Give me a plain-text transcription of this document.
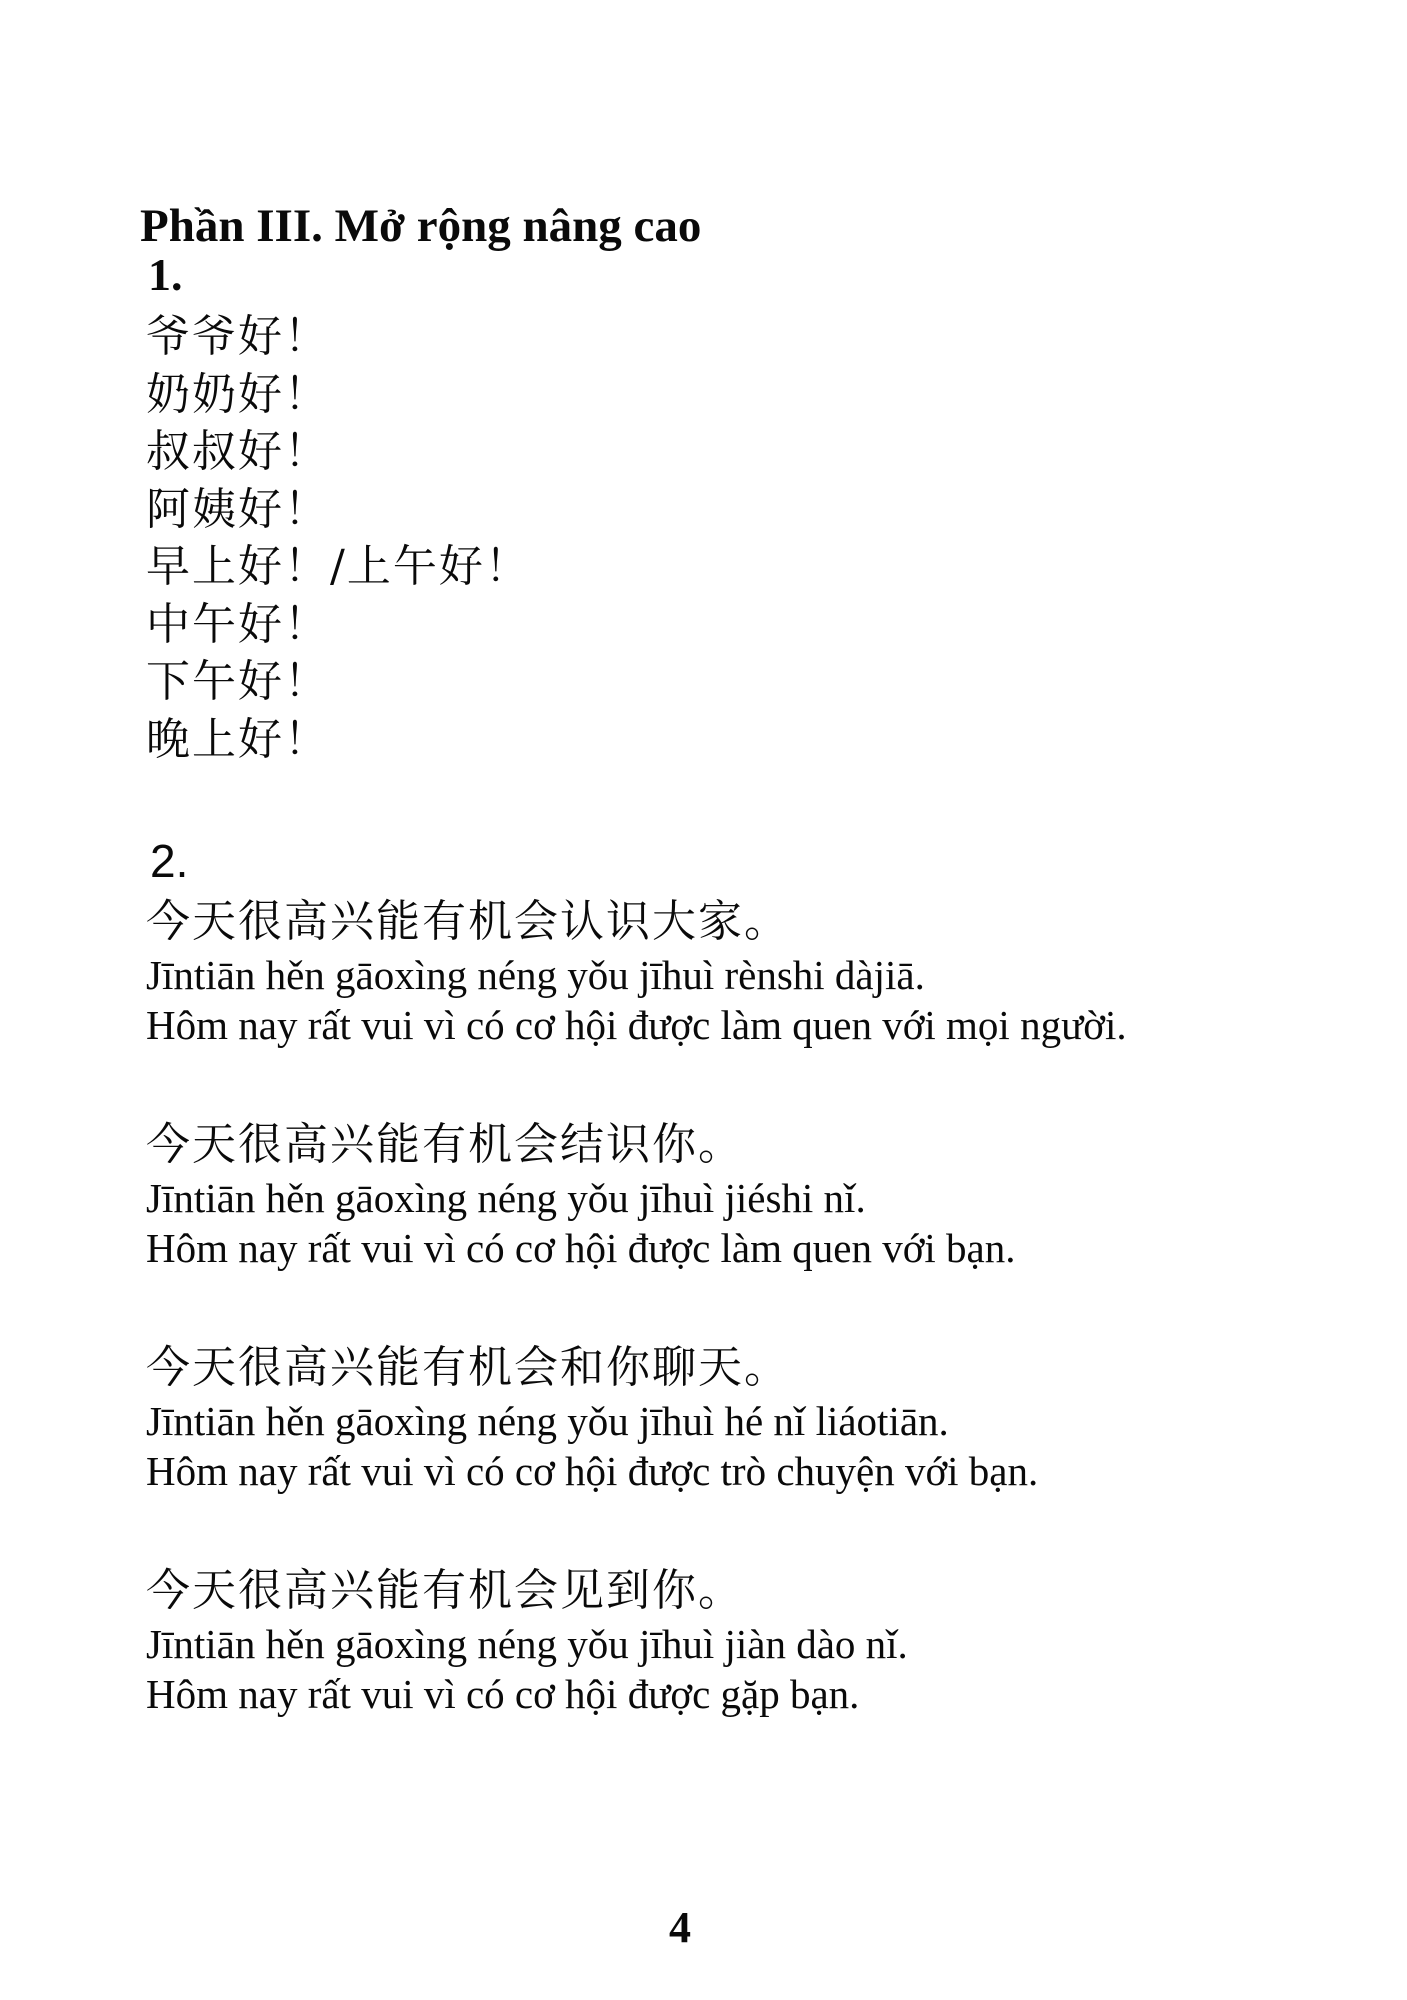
Phần III. Mở rộng nâng cao
1.
爷爷好！
奶奶好！
叔叔好！
阿姨好！
早上好！/上午好！
中午好！
下午好！
晚上好！
2.
今天很高兴能有机会认识大家。
Jīntiān hěn gāoxìng néng yǒu jīhuì rènshi dàjiā.
Hôm nay rất vui vì có cơ hội được làm quen với mọi người.
今天很高兴能有机会结识你。
Jīntiān hěn gāoxìng néng yǒu jīhuì jiéshi nǐ.
Hôm nay rất vui vì có cơ hội được làm quen với bạn.
今天很高兴能有机会和你聊天。
Jīntiān hěn gāoxìng néng yǒu jīhuì hé nǐ liáotiān.
Hôm nay rất vui vì có cơ hội được trò chuyện với bạn.
今天很高兴能有机会见到你。
Jīntiān hěn gāoxìng néng yǒu jīhuì jiàn dào nǐ.
Hôm nay rất vui vì có cơ hội được gặp bạn.
4
